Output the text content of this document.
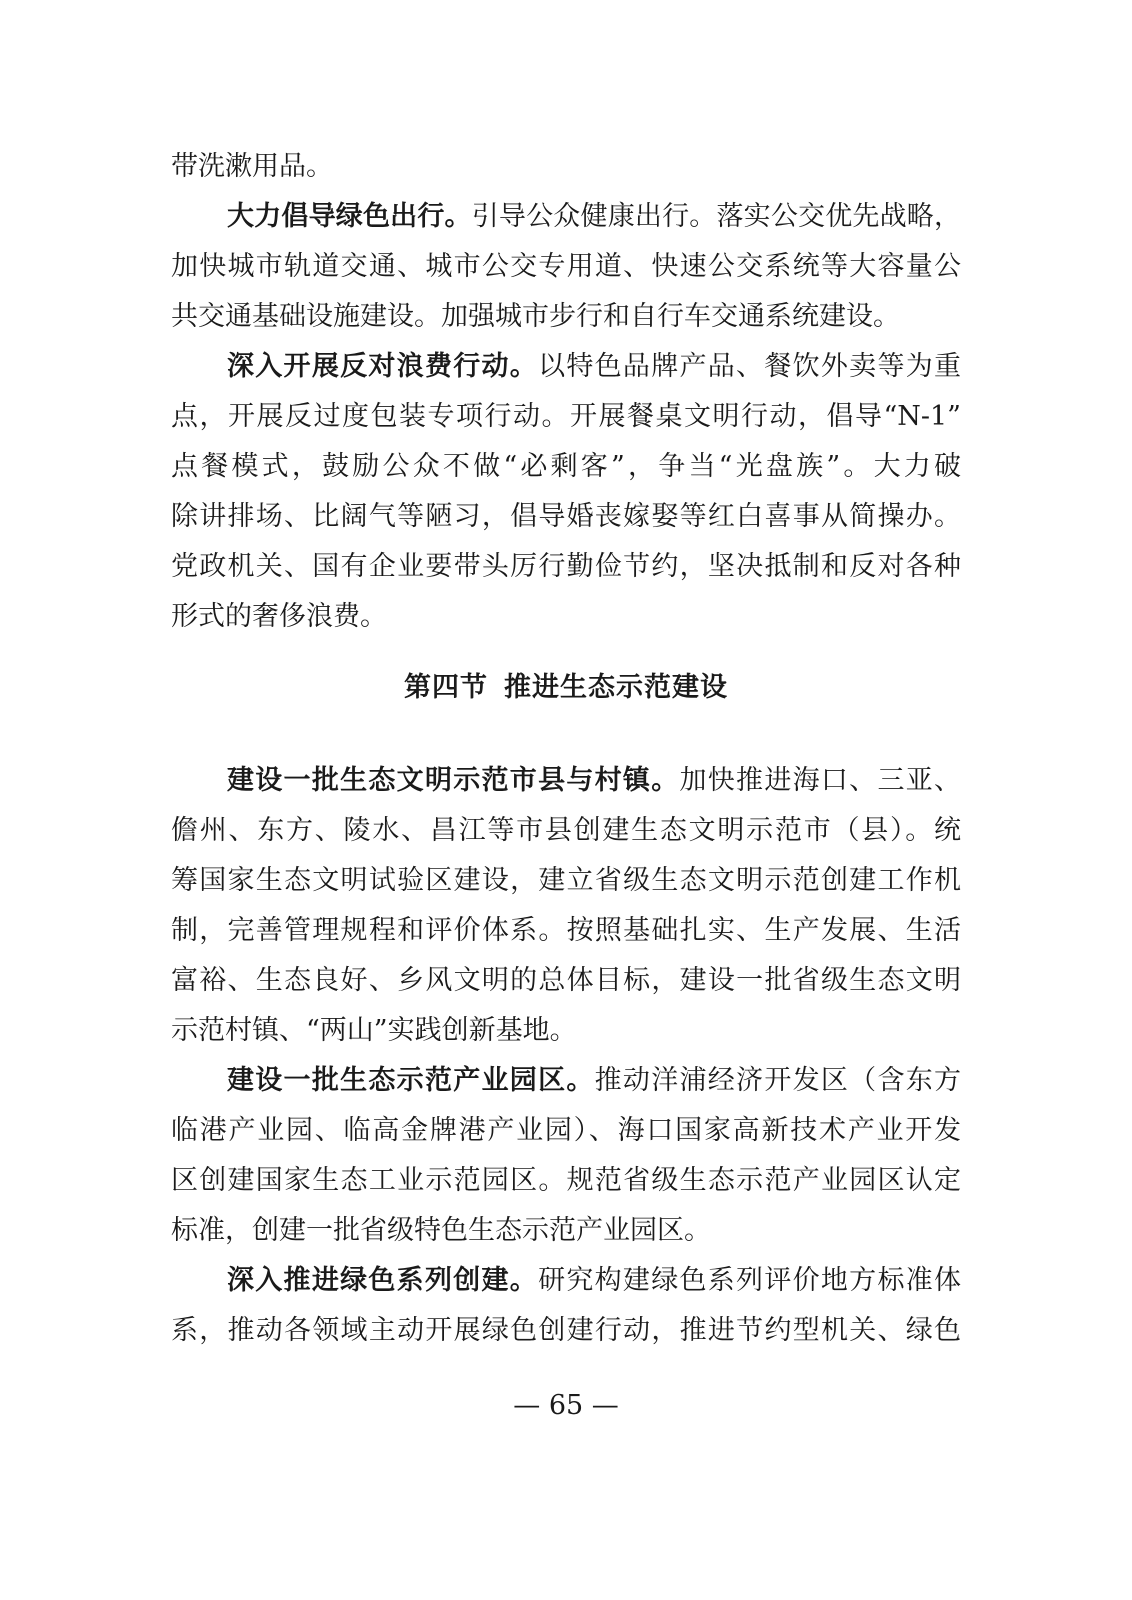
带洗漱用品。
大力倡导绿色出行。引导公众健康出行。落实公交优先战略，
加快城市轨道交通、城市公交专用道、快速公交系统等大容量公
共交通基础设施建设。加强城市步行和自行车交通系统建设。
深入开展反对浪费行动。以特色品牌产品、餐饮外卖等为重
点，开展反过度包装专项行动。开展餐桌文明行动，倡导“N-1”
点餐模式，鼓励公众不做“必剩客”，争当“光盘族”。大力破
除讲排场、比阔气等陋习，倡导婚丧嫁娶等红白喜事从简操办。
党政机关、国有企业要带头厉行勤俭节约，坚决抵制和反对各种
形式的奢侈浪费。
第四节 推进生态示范建设
建设一批生态文明示范市县与村镇。加快推进海口、三亚、
儋州、东方、陵水、昌江等市县创建生态文明示范市（县）。统
筹国家生态文明试验区建设，建立省级生态文明示范创建工作机
制，完善管理规程和评价体系。按照基础扎实、生产发展、生活
富裕、生态良好、乡风文明的总体目标，建设一批省级生态文明
示范村镇、“两山”实践创新基地。
建设一批生态示范产业园区。推动洋浦经济开发区（含东方
临港产业园、临高金牌港产业园）、海口国家高新技术产业开发
区创建国家生态工业示范园区。规范省级生态示范产业园区认定
标准，创建一批省级特色生态示范产业园区。
深入推进绿色系列创建。研究构建绿色系列评价地方标准体
系，推动各领域主动开展绿色创建行动，推进节约型机关、绿色
— 65 —
